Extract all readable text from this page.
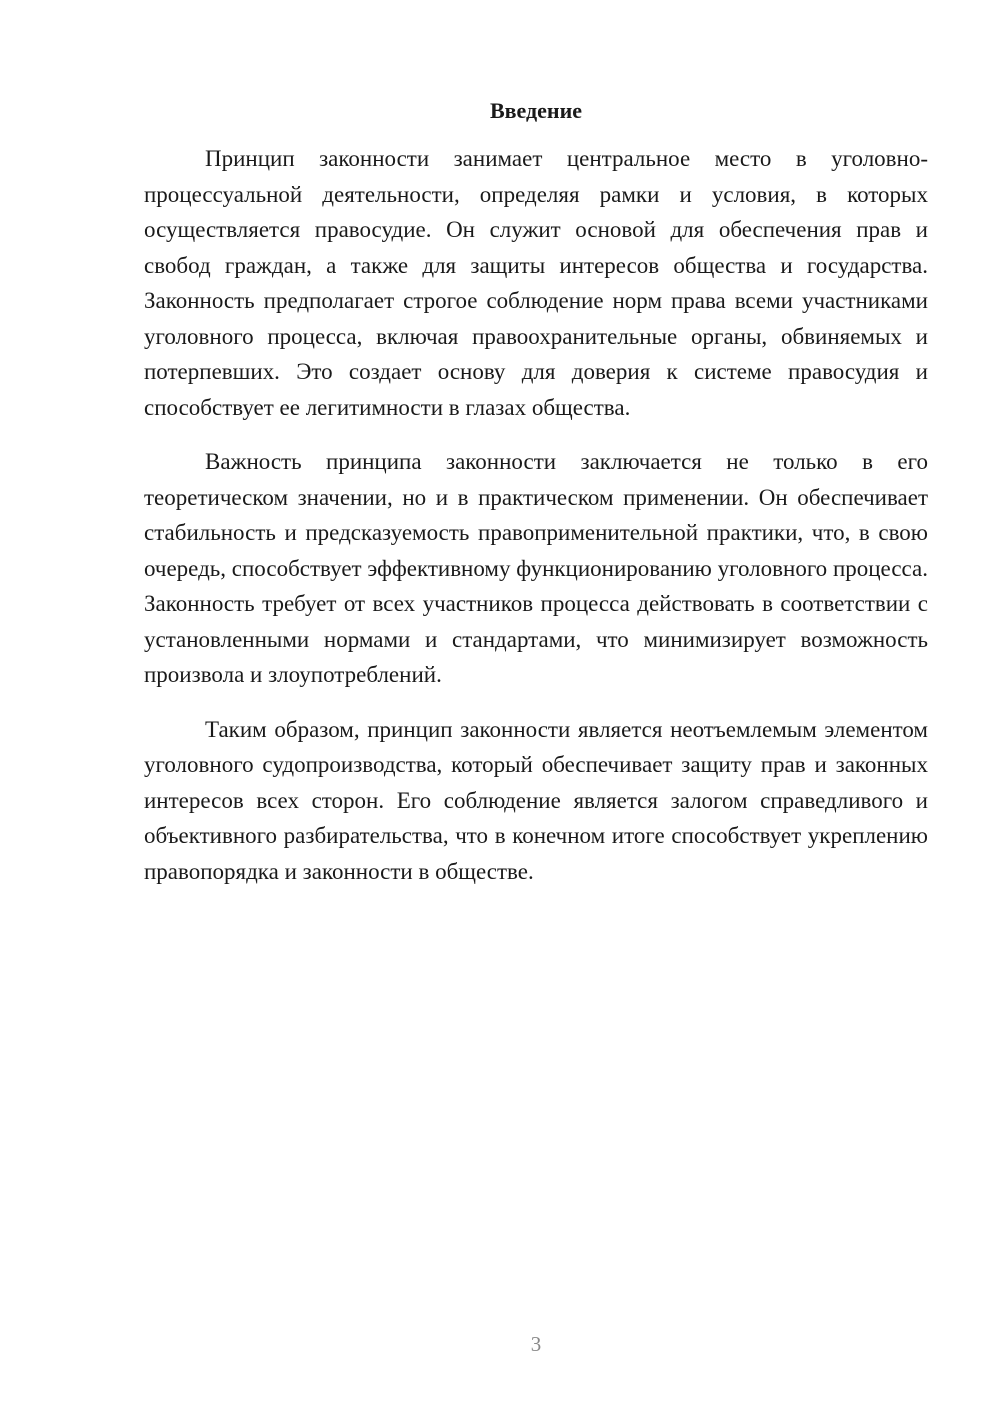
Введение

Принцип законности занимает центральное место в уголовно-процессуальной деятельности, определяя рамки и условия, в которых осуществляется правосудие. Он служит основой для обеспечения прав и свобод граждан, а также для защиты интересов общества и государства. Законность предполагает строгое соблюдение норм права всеми участниками уголовного процесса, включая правоохранительные органы, обвиняемых и потерпевших. Это создает основу для доверия к системе правосудия и способствует ее легитимности в глазах общества.

Важность принципа законности заключается не только в его теоретическом значении, но и в практическом применении. Он обеспечивает стабильность и предсказуемость правоприменительной практики, что, в свою очередь, способствует эффективному функционированию уголовного процесса. Законность требует от всех участников процесса действовать в соответствии с установленными нормами и стандартами, что минимизирует возможность произвола и злоупотреблений.

Таким образом, принцип законности является неотъемлемым элементом уголовного судопроизводства, который обеспечивает защиту прав и законных интересов всех сторон. Его соблюдение является залогом справедливого и объективного разбирательства, что в конечном итоге способствует укреплению правопорядка и законности в обществе.

3
